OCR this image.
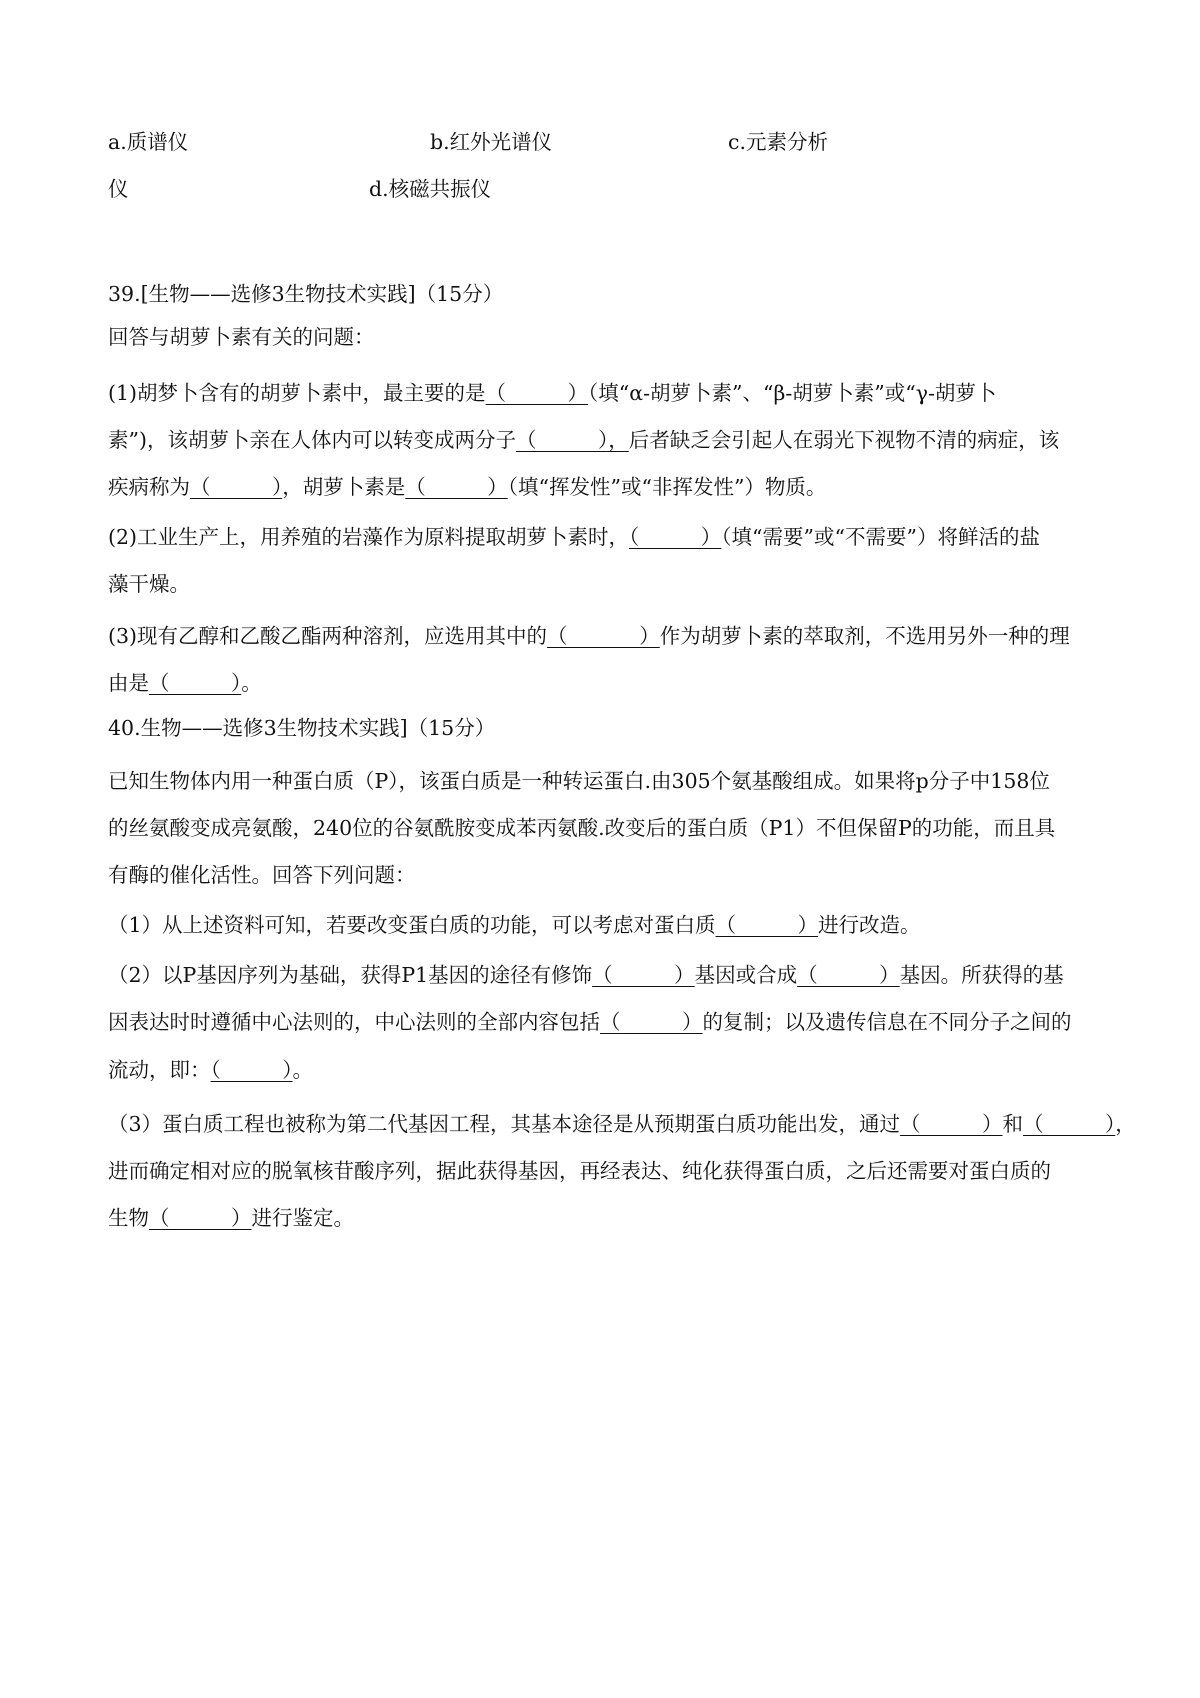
a.质谱仪	b.红外光谱仪	c.元素分析
仪	d.核磁共振仪
39.[生物——选修3生物技术实践]（15分）
回答与胡萝卜素有关的问题：
(1)胡梦卜含有的胡萝卜素中，最主要的是（______）（填“α-胡萝卜素”、“β-胡萝卜素”或“γ-胡萝卜
素”)，该胡萝卜亲在人体内可以转变成两分子（______），后者缺乏会引起人在弱光下视物不清的病症，该
疾病称为（______），胡萝卜素是（______）（填“挥发性”或“非挥发性”）物质。
(2)工业生产上，用养殖的岩藻作为原料提取胡萝卜素时，（______）（填“需要”或“不需要”）将鲜活的盐
藻干燥。
(3)现有乙醇和乙酸乙酯两种溶剂，应选用其中的（_______）作为胡萝卜素的萃取剂，不选用另外一种的理
由是（______）。
40.生物——选修3生物技术实践]（15分）
已知生物体内用一种蛋白质（P），该蛋白质是一种转运蛋白.由305个氨基酸组成。如果将p分子中158位
的丝氨酸变成亮氨酸，240位的谷氨酰胺变成苯丙氨酸.改变后的蛋白质（P1）不但保留P的功能，而且具
有酶的催化活性。回答下列问题：
（1）从上述资料可知，若要改变蛋白质的功能，可以考虑对蛋白质（______）进行改造。
（2）以P基因序列为基础，获得P1基因的途径有修饰（______）基因或合成（______）基因。所获得的基
因表达时时遵循中心法则的，中心法则的全部内容包括（______）的复制；以及遗传信息在不同分子之间的
流动，即：（______）。
（3）蛋白质工程也被称为第二代基因工程，其基本途径是从预期蛋白质功能出发，通过（______）和（______），
进而确定相对应的脱氧核苷酸序列，据此获得基因，再经表达、纯化获得蛋白质，之后还需要对蛋白质的
生物（______）进行鉴定。
